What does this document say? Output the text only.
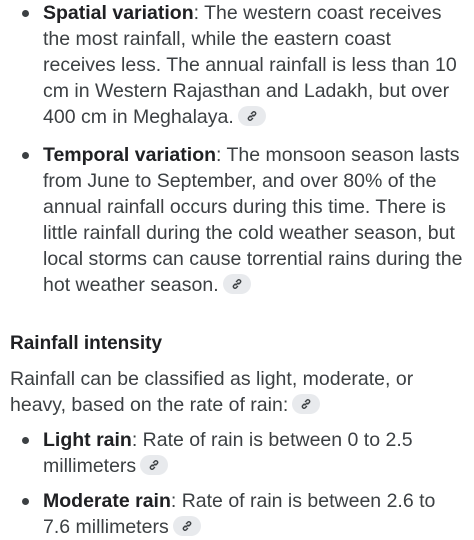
Spatial variation: The western coast receives the most rainfall, while the eastern coast receives less. The annual rainfall is less than 10 cm in Western Rajasthan and Ladakh, but over 400 cm in Meghalaya.
Temporal variation: The monsoon season lasts from June to September, and over 80% of the annual rainfall occurs during this time. There is little rainfall during the cold weather season, but local storms can cause torrential rains during the hot weather season.
Rainfall intensity
Rainfall can be classified as light, moderate, or heavy, based on the rate of rain:
Light rain: Rate of rain is between 0 to 2.5 millimeters
Moderate rain: Rate of rain is between 2.6 to 7.6 millimeters
